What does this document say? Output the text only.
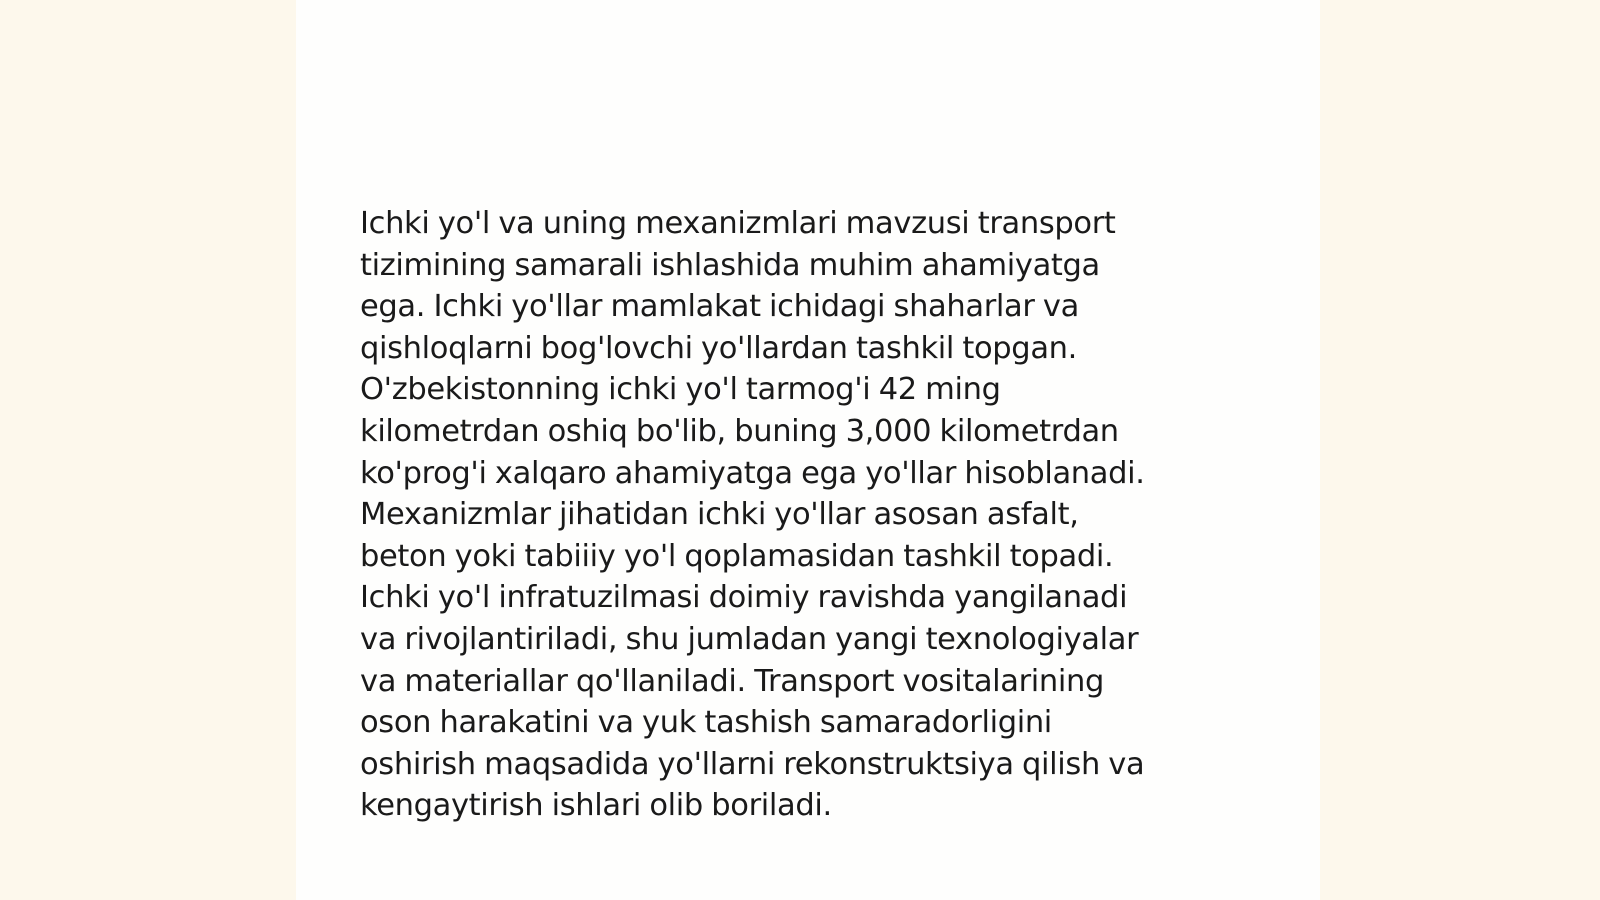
Ichki yo'l va uning mexanizmlari mavzusi transport
tizimining samarali ishlashida muhim ahamiyatga
ega. Ichki yo'llar mamlakat ichidagi shaharlar va
qishloqlarni bog'lovchi yo'llardan tashkil topgan.
O'zbekistonning ichki yo'l tarmog'i 42 ming
kilometrdan oshiq bo'lib, buning 3,000 kilometrdan
ko'prog'i xalqaro ahamiyatga ega yo'llar hisoblanadi.
Mexanizmlar jihatidan ichki yo'llar asosan asfalt,
beton yoki tabiiiy yo'l qoplamasidan tashkil topadi.
Ichki yo'l infratuzilmasi doimiy ravishda yangilanadi
va rivojlantiriladi, shu jumladan yangi texnologiyalar
va materiallar qo'llaniladi. Transport vositalarining
oson harakatini va yuk tashish samaradorligini
oshirish maqsadida yo'llarni rekonstruktsiya qilish va
kengaytirish ishlari olib boriladi.
